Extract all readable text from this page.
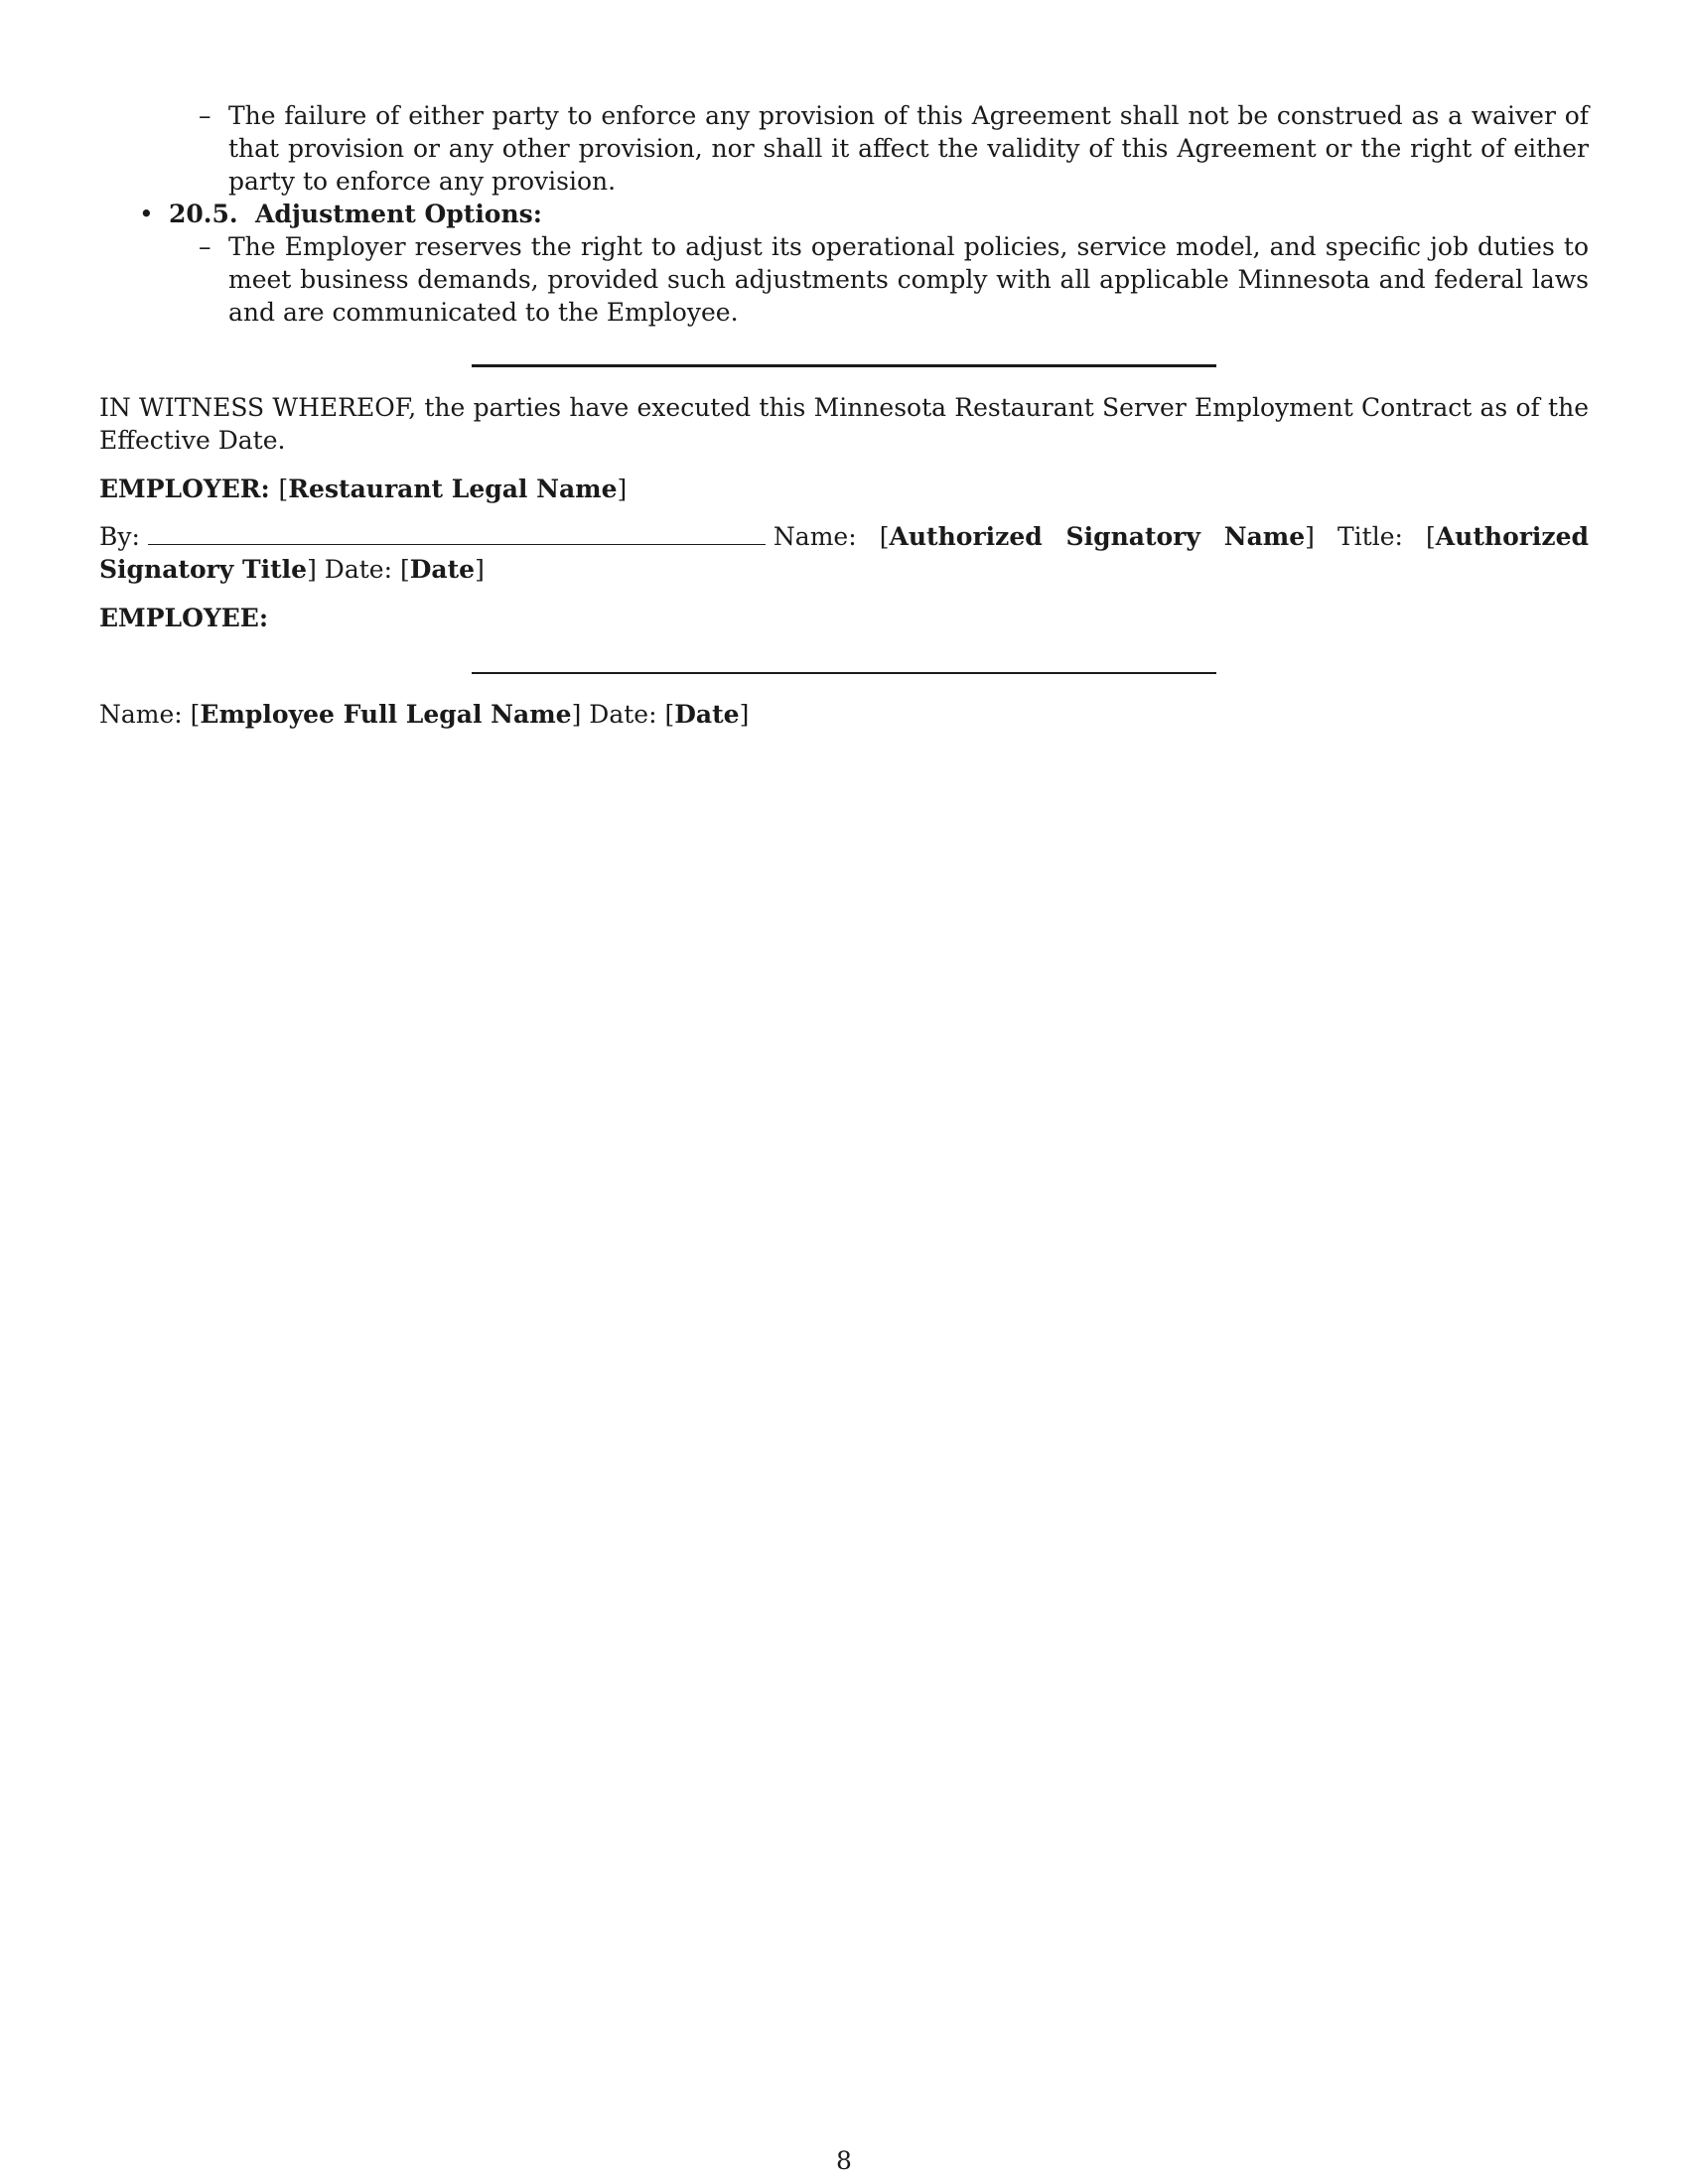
– The failure of either party to enforce any provision of this Agreement shall not be construed as a waiver of that provision or any other provision, nor shall it affect the validity of this Agreement or the right of either party to enforce any provision.
• 20.5.  Adjustment Options:
– The Employer reserves the right to adjust its operational policies, service model, and specific job duties to meet business demands, provided such adjustments comply with all applicable Minnesota and federal laws and are communicated to the Employee.
IN WITNESS WHEREOF, the parties have executed this Minnesota Restaurant Server Employment Contract as of the Effective Date.
EMPLOYER: [Restaurant Legal Name]
By:	Name: [Authorized Signatory Name] Title: [Authorized Signatory Title] Date: [Date]
EMPLOYEE:
Name: [Employee Full Legal Name] Date: [Date]
8
